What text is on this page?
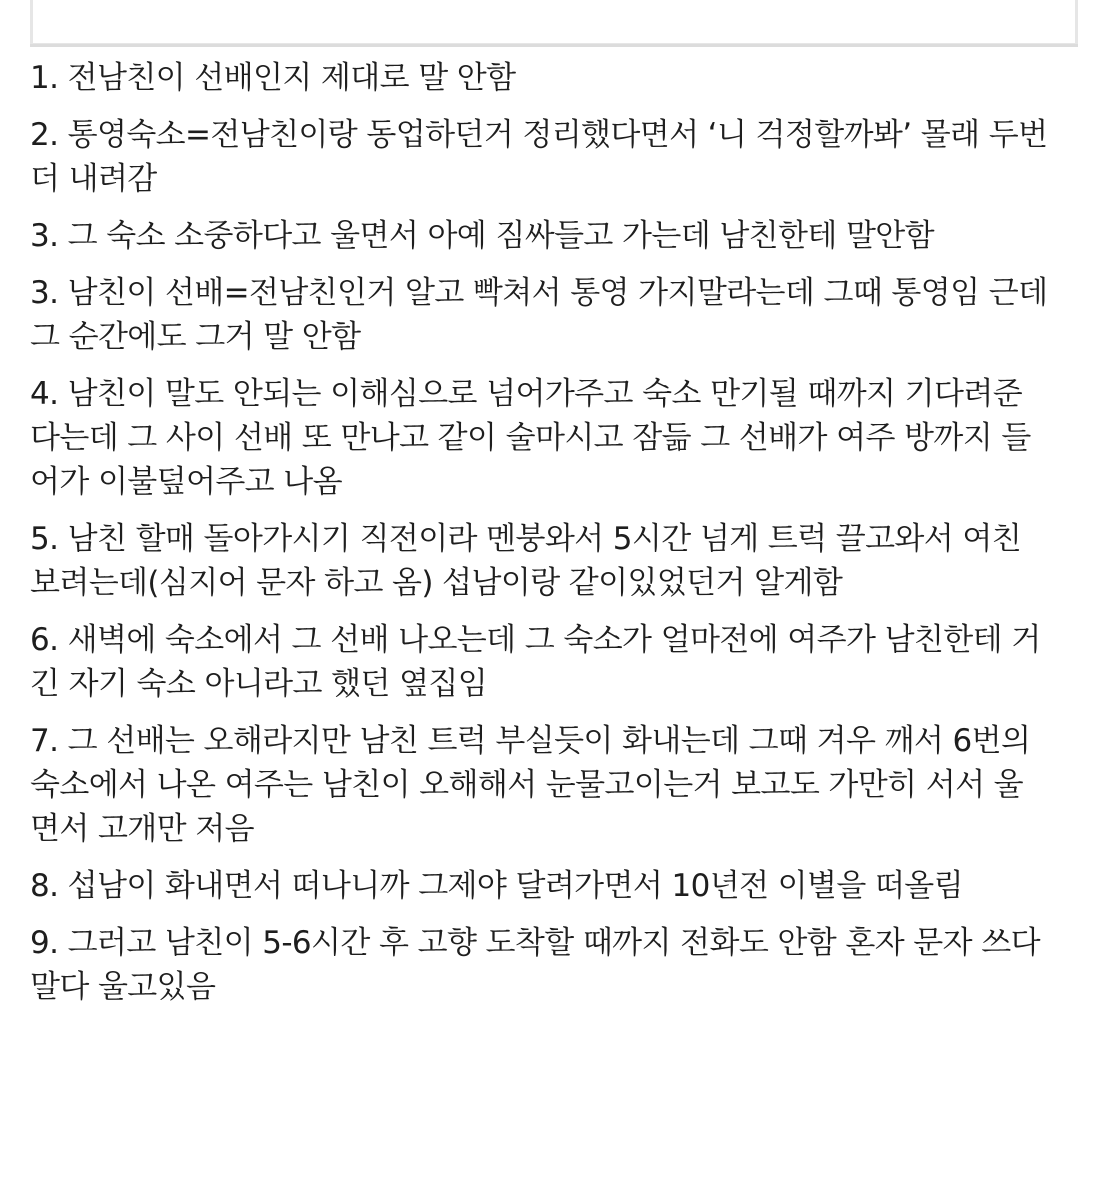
1. 전남친이 선배인지 제대로 말 안함
2. 통영숙소=전남친이랑 동업하던거 정리했다면서 ‘니 걱정할까봐’ 몰래 두번
더 내려감
3. 그 숙소 소중하다고 울면서 아예 짐싸들고 가는데 남친한테 말안함
3. 남친이 선배=전남친인거 알고 빡쳐서 통영 가지말라는데 그때 통영임 근데
그 순간에도 그거 말 안함
4. 남친이 말도 안되는 이해심으로 넘어가주고 숙소 만기될 때까지 기다려준
다는데 그 사이 선배 또 만나고 같이 술마시고 잠듦 그 선배가 여주 방까지 들
어가 이불덮어주고 나옴
5. 남친 할매 돌아가시기 직전이라 멘붕와서 5시간 넘게 트럭 끌고와서 여친
보려는데(심지어 문자 하고 옴) 섭남이랑 같이있었던거 알게함
6. 새벽에 숙소에서 그 선배 나오는데 그 숙소가 얼마전에 여주가 남친한테 거
긴 자기 숙소 아니라고 했던 옆집임
7. 그 선배는 오해라지만 남친 트럭 부실듯이 화내는데 그때 겨우 깨서 6번의
숙소에서 나온 여주는 남친이 오해해서 눈물고이는거 보고도 가만히 서서 울
면서 고개만 저음
8. 섭남이 화내면서 떠나니까 그제야 달려가면서 10년전 이별을 떠올림
9. 그러고 남친이 5-6시간 후 고향 도착할 때까지 전화도 안함 혼자 문자 쓰다
말다 울고있음
